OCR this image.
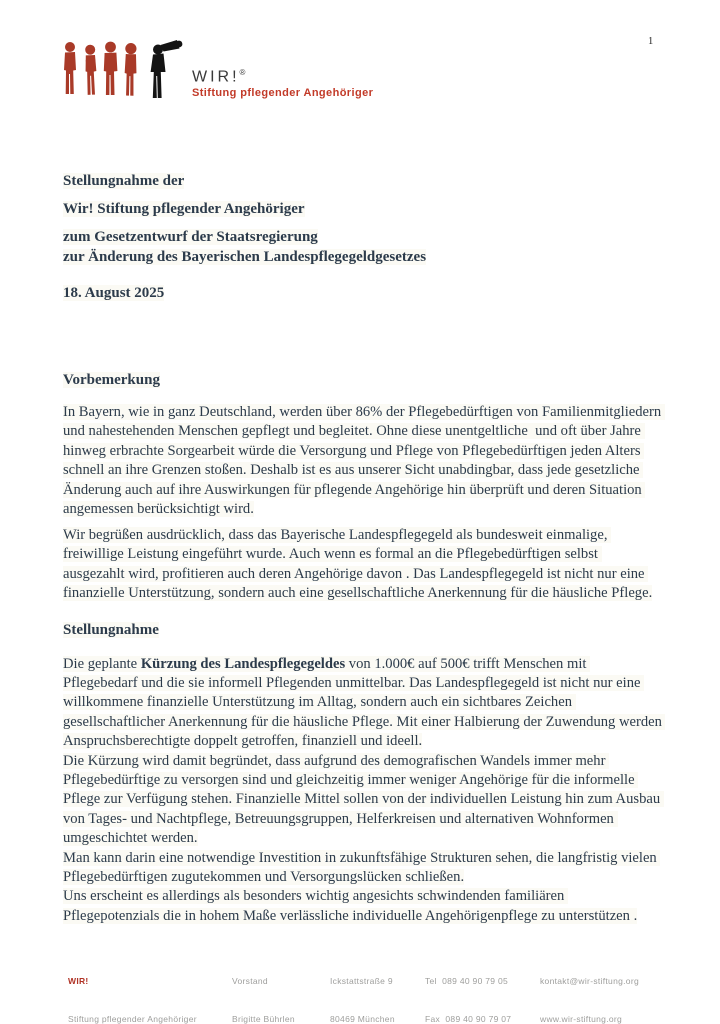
1
WIR!®
Stiftung pflegender Angehöriger

Stellungnahme der

Wir! Stiftung pflegender Angehöriger

zum Gesetzentwurf der Staatsregierung

zur Änderung des Bayerischen Landespflegegeldgesetzes

18. August 2025

Vorbemerkung

In Bayern, wie in ganz Deutschland, werden über 86% der Pflegebedürftigen von Familienmitgliedern und nahestehenden Menschen gepflegt und begleitet. Ohne diese unentgeltliche  und oft über Jahre hinweg erbrachte Sorgearbeit würde die Versorgung und Pflege von Pflegebedürftigen jeden Alters schnell an ihre Grenzen stoßen. Deshalb ist es aus unserer Sicht unabdingbar, dass jede gesetzliche Änderung auch auf ihre Auswirkungen für pflegende Angehörige hin überprüft und deren Situation angemessen berücksichtigt wird.

Wir begrüßen ausdrücklich, dass das Bayerische Landespflegegeld als bundesweit einmalige, freiwillige Leistung eingeführt wurde. Auch wenn es formal an die Pflegebedürftigen selbst ausgezahlt wird, profitieren auch deren Angehörige davon . Das Landespflegegeld ist nicht nur eine finanzielle Unterstützung, sondern auch eine gesellschaftliche Anerkennung für die häusliche Pflege.

Stellungnahme

Die geplante Kürzung des Landespflegegeldes von 1.000€ auf 500€ trifft Menschen mit Pflegebedarf und die sie informell Pflegenden unmittelbar. Das Landespflegegeld ist nicht nur eine willkommene finanzielle Unterstützung im Alltag, sondern auch ein sichtbares Zeichen gesellschaftlicher Anerkennung für die häusliche Pflege. Mit einer Halbierung der Zuwendung werden Anspruchsberechtigte doppelt getroffen, finanziell und ideell.

Die Kürzung wird damit begründet, dass aufgrund des demografischen Wandels immer mehr Pflegebedürftige zu versorgen sind und gleichzeitig immer weniger Angehörige für die informelle Pflege zur Verfügung stehen. Finanzielle Mittel sollen von der individuellen Leistung hin zum Ausbau von Tages- und Nachtpflege, Betreuungsgruppen, Helferkreisen und alternativen Wohnformen umgeschichtet werden.

Man kann darin eine notwendige Investition in zukunftsfähige Strukturen sehen, die langfristig vielen Pflegebedürftigen zugutekommen und Versorgungslücken schließen.

Uns erscheint es allerdings als besonders wichtig angesichts schwindenden familiären Pflegepotenzials die in hohem Maße verlässliche individuelle Angehörigenpflege zu unterstützen .

WIR!

Stiftung pflegender Angehöriger

Vorstand

Brigitte Bührlen

Ickstattstraße 9

80469 München

Tel  089 40 90 79 05

Fax  089 40 90 79 07

kontakt@wir-stiftung.org

www.wir-stiftung.org
